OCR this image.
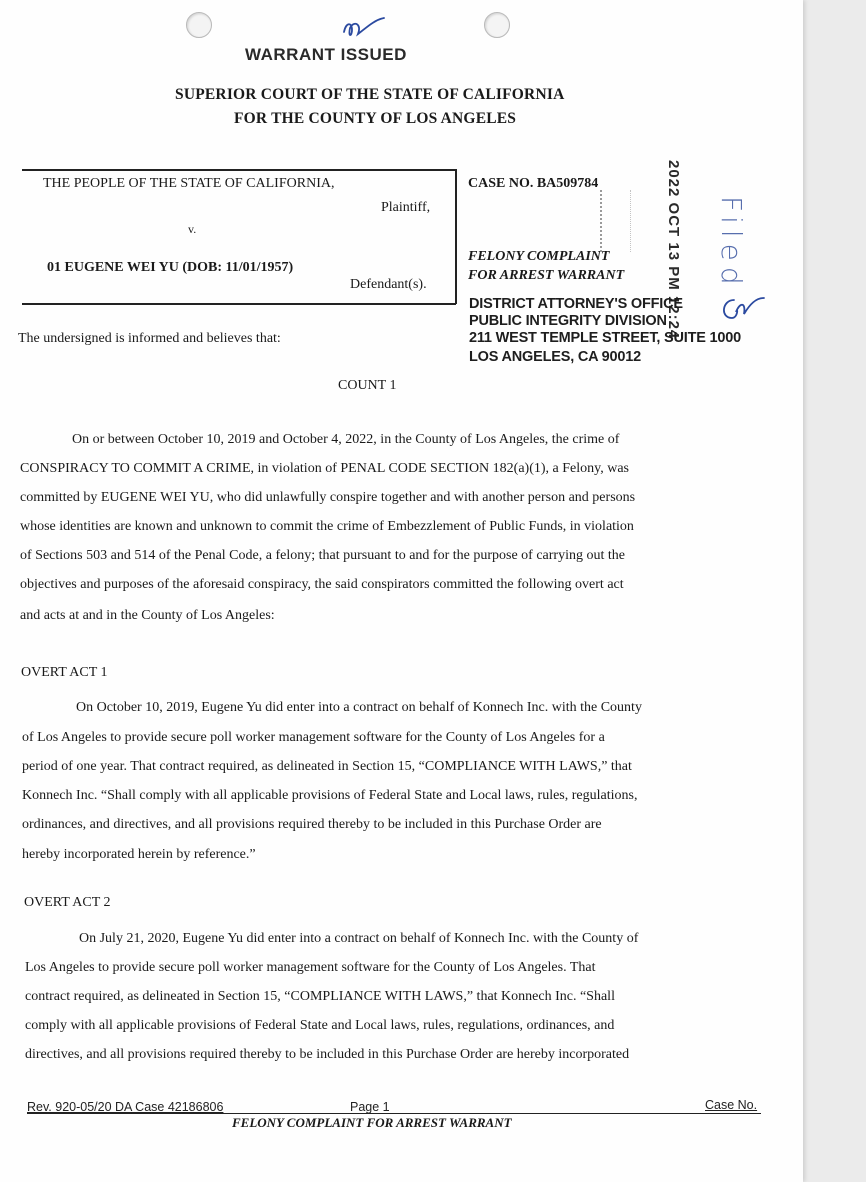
WARRANT ISSUED
SUPERIOR COURT OF THE STATE OF CALIFORNIA
FOR THE COUNTY OF LOS ANGELES
THE PEOPLE OF THE STATE OF CALIFORNIA,
Plaintiff,
v.
01 EUGENE WEI YU (DOB: 11/01/1957)
Defendant(s).
CASE NO. BA509784
FELONY COMPLAINT
FOR ARREST WARRANT	2022 OCT 13 PM 12:24 Filed
DISTRICT ATTORNEY'S OFFICE
PUBLIC INTEGRITY DIVISION
211 WEST TEMPLE STREET, SUITE 1000
LOS ANGELES, CA 90012
The undersigned is informed and believes that:
COUNT 1
On or between October 10, 2019 and October 4, 2022, in the County of Los Angeles, the crime of
CONSPIRACY TO COMMIT A CRIME, in violation of PENAL CODE SECTION 182(a)(1), a Felony, was
committed by EUGENE WEI YU, who did unlawfully conspire together and with another person and persons
whose identities are known and unknown to commit the crime of Embezzlement of Public Funds, in violation
of Sections 503 and 514 of the Penal Code, a felony; that pursuant to and for the purpose of carrying out the
objectives and purposes of the aforesaid conspiracy, the said conspirators committed the following overt act
and acts at and in the County of Los Angeles:
OVERT ACT 1
On October 10, 2019, Eugene Yu did enter into a contract on behalf of Konnech Inc. with the County
of Los Angeles to provide secure poll worker management software for the County of Los Angeles for a
period of one year. That contract required, as delineated in Section 15, “COMPLIANCE WITH LAWS,” that
Konnech Inc. “Shall comply with all applicable provisions of Federal State and Local laws, rules, regulations,
ordinances, and directives, and all provisions required thereby to be included in this Purchase Order are
hereby incorporated herein by reference.”
OVERT ACT 2
On July 21, 2020, Eugene Yu did enter into a contract on behalf of Konnech Inc. with the County of
Los Angeles to provide secure poll worker management software for the County of Los Angeles. That
contract required, as delineated in Section 15, “COMPLIANCE WITH LAWS,” that Konnech Inc. “Shall
comply with all applicable provisions of Federal State and Local laws, rules, regulations, ordinances, and
directives, and all provisions required thereby to be included in this Purchase Order are hereby incorporated
Rev. 920-05/20 DA Case 42186806	Page 1	Case No.
FELONY COMPLAINT FOR ARREST WARRANT
